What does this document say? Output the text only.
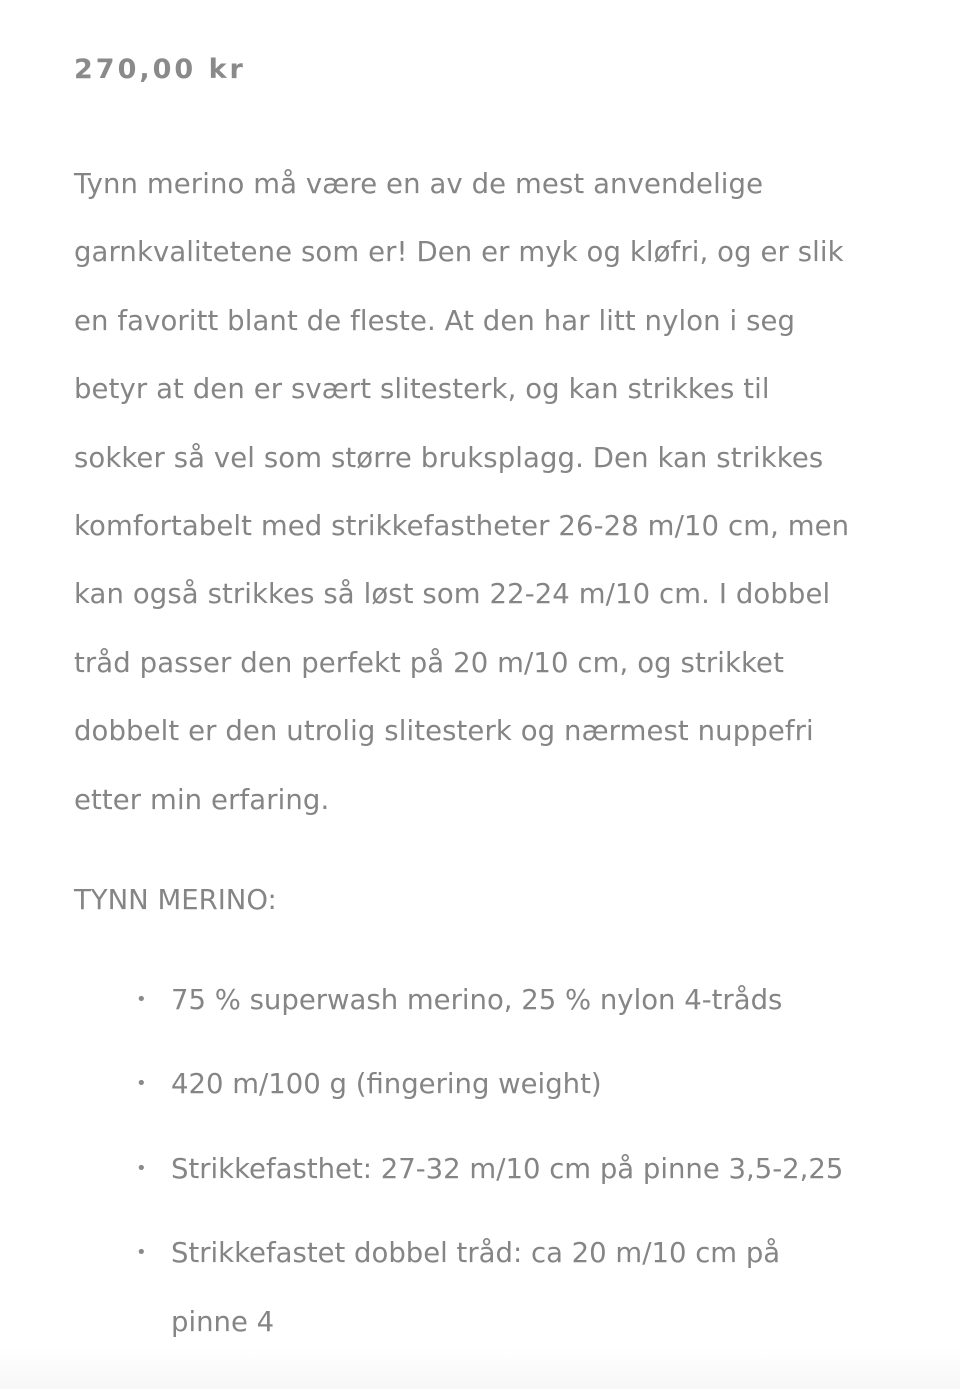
270,00 kr

Tynn merino må være en av de mest anvendelige
garnkvalitetene som er! Den er myk og kløfri, og er slik
en favoritt blant de fleste. At den har litt nylon i seg
betyr at den er svært slitesterk, og kan strikkes til
sokker så vel som større bruksplagg. Den kan strikkes
komfortabelt med strikkefastheter 26-28 m/10 cm, men
kan også strikkes så løst som 22-24 m/10 cm. I dobbel
tråd passer den perfekt på 20 m/10 cm, og strikket
dobbelt er den utrolig slitesterk og nærmest nuppefri
etter min erfaring.

TYNN MERINO:
• 75 % superwash merino, 25 % nylon 4-tråds
• 420 m/100 g (fingering weight)
• Strikkefasthet: 27-32 m/10 cm på pinne 3,5-2,25
• Strikkefastet dobbel tråd: ca 20 m/10 cm på
pinne 4
